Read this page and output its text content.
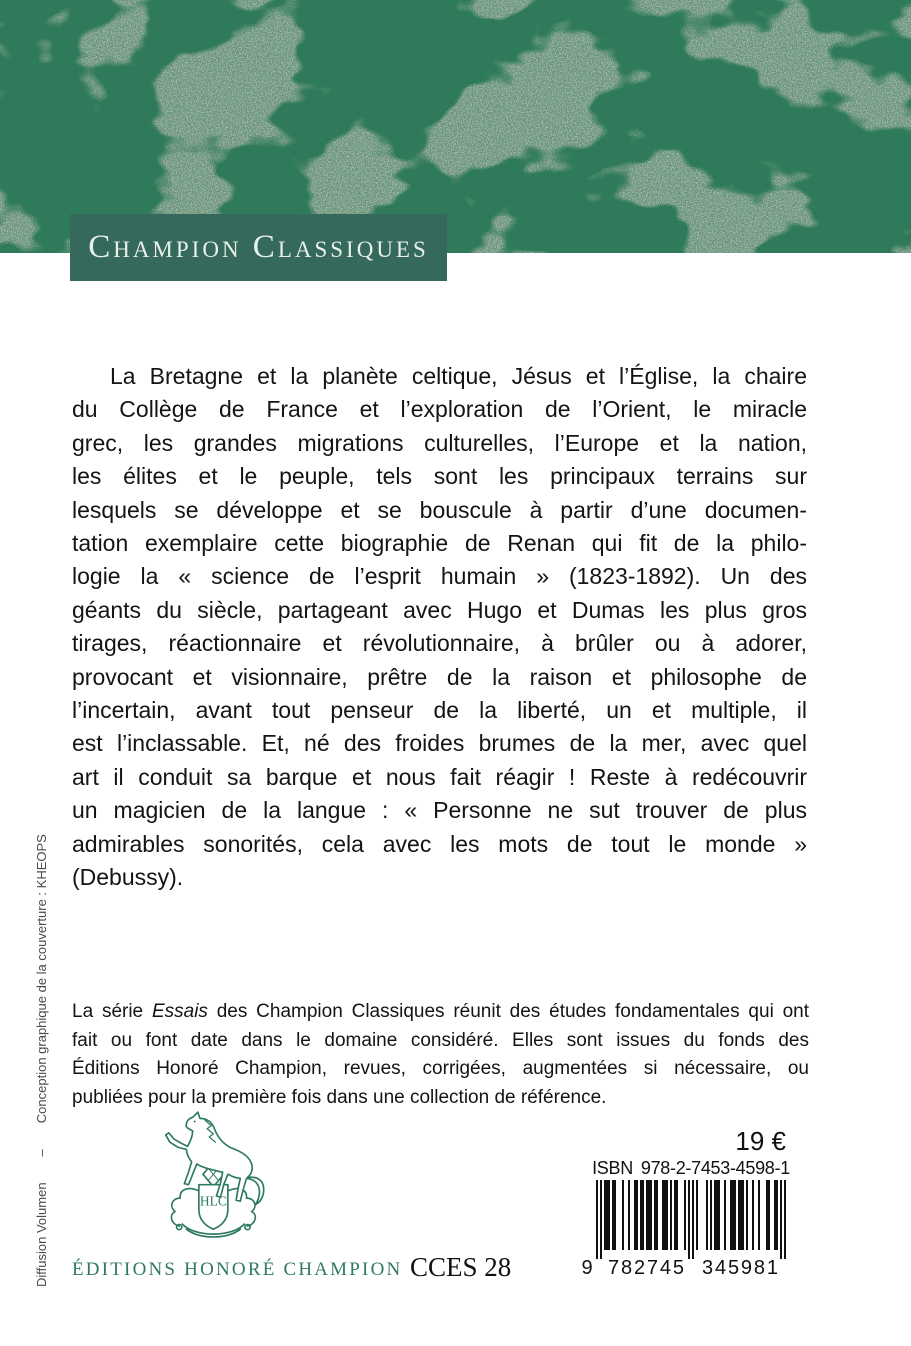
Champion Classiques
La Bretagne et la planète celtique, Jésus et l’Église, la chaire
du Collège de France et l’exploration de l’Orient, le miracle
grec, les grandes migrations culturelles, l’Europe et la nation,
les élites et le peuple, tels sont les principaux terrains sur
lesquels se développe et se bouscule à partir d’une documen-
tation exemplaire cette biographie de Renan qui fit de la philo-
logie la « science de l’esprit humain » (1823-1892). Un des
géants du siècle, partageant avec Hugo et Dumas les plus gros
tirages, réactionnaire et révolutionnaire, à brûler ou à adorer,
provocant et visionnaire, prêtre de la raison et philosophe de
l’incertain, avant tout penseur de la liberté, un et multiple, il
est l’inclassable. Et, né des froides brumes de la mer, avec quel
art il conduit sa barque et nous fait réagir ! Reste à redécouvrir
un magicien de la langue : « Personne ne sut trouver de plus
admirables sonorités, cela avec les mots de tout le monde »
(Debussy).
La série Essais des Champion Classiques réunit des études fondamentales qui ont
fait ou font date dans le domaine considéré. Elles sont issues du fonds des
Éditions Honoré Champion, revues, corrigées, augmentées si nécessaire, ou
publiées pour la première fois dans une collection de référence.
Diffusion Volumen
–
Conception graphique de la couverture : KHEOPS
HLC
ÉDITIONS HONORÉ CHAMPION CCES 28
19 €
ISBN 978-2-7453-4598-1
9 782745 345981
